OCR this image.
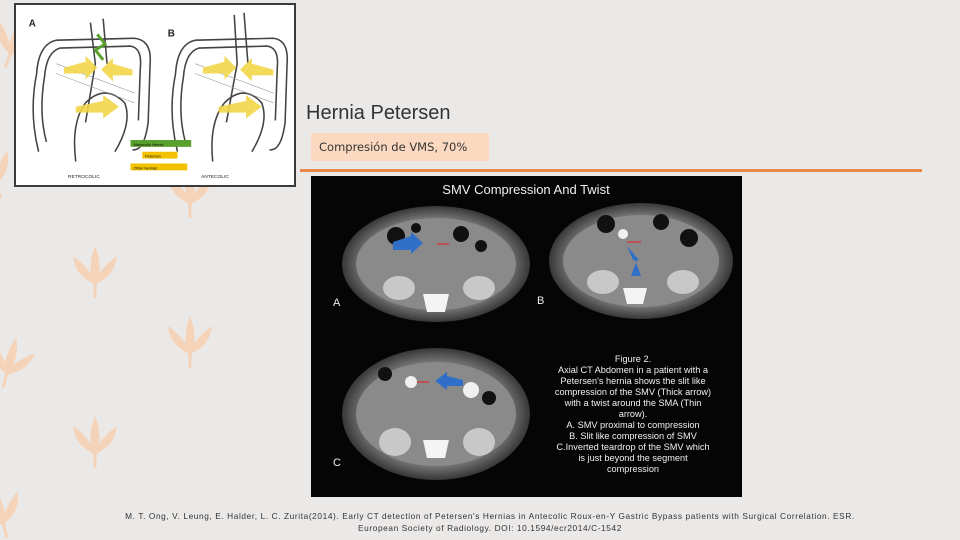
A
B
Mesocolic Hernia
Petersen
Other hernias
RETROCOLIC	ANTECOLIC
Hernia Petersen
Compresión de VMS, 70%
SMV Compression And Twist
A	B
C
Figure 2.
Axial CT Abdomen in a patient with a
Petersen's hernia shows the slit like
compression of the SMV (Thick arrow)
with a twist around the SMA (Thin
arrow).
A. SMV proximal to compression
B. Slit like compression of SMV
C.Inverted teardrop of the SMV which
is just beyond the segment
compression
M. T. Ong, V. Leung, E. Halder, L. C. Zurita(2014). Early CT detection of Petersen's Hernias in Antecolic Roux-en-Y Gastric Bypass patients with Surgical Correlation. ESR. European Society of Radiology. DOI: 10.1594/ecr2014/C-1542
